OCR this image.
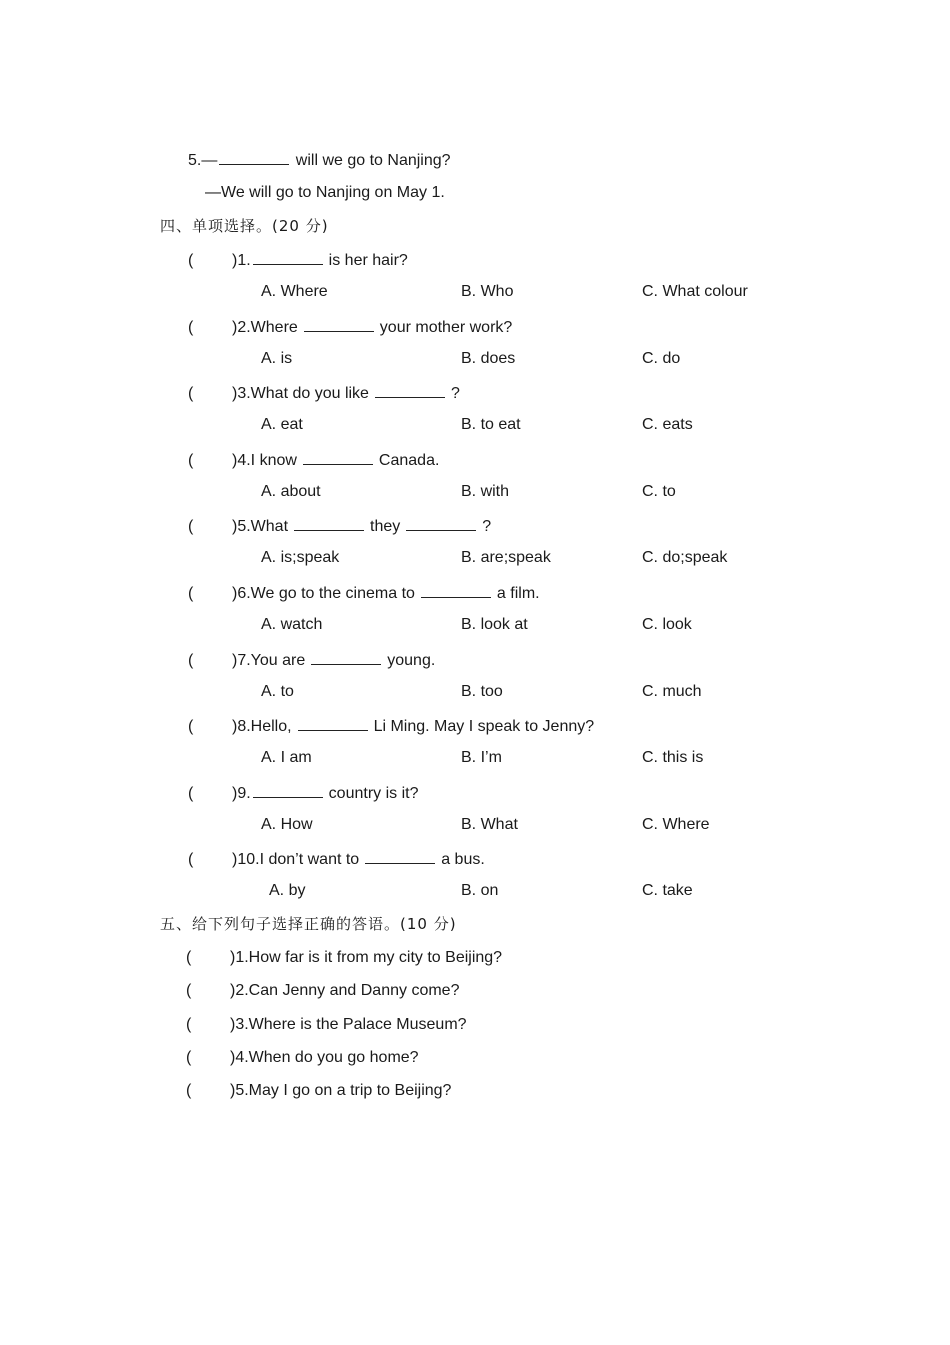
5.—	will we go to Nanjing?
—We will go to Nanjing on May 1.
四、单项选择。(20 分)
( )1.	is her hair?
A. Where	B. Who	C. What colour
( )2.Where	your mother work?
A. is	B. does	C. do
( )3.What do you like	?
A. eat	B. to eat	C. eats
( )4.I know	Canada.
A. about	B. with	C. to
( )5.What	they	?
A. is;speak	B. are;speak	C. do;speak
( )6.We go to the cinema to	a film.
A. watch	B. look at	C. look
( )7.You are	young.
A. to	B. too	C. much
( )8.Hello,	Li Ming. May I speak to Jenny?
A. I am	B. I’m	C. this is
( )9.	country is it?
A. How	B. What	C. Where
( )10.I don’t want to	a bus.
A. by	B. on	C. take
五、给下列句子选择正确的答语。(10 分)
( )1.How far is it from my city to Beijing?
( )2.Can Jenny and Danny come?
( )3.Where is the Palace Museum?
( )4.When do you go home?
( )5.May I go on a trip to Beijing?
